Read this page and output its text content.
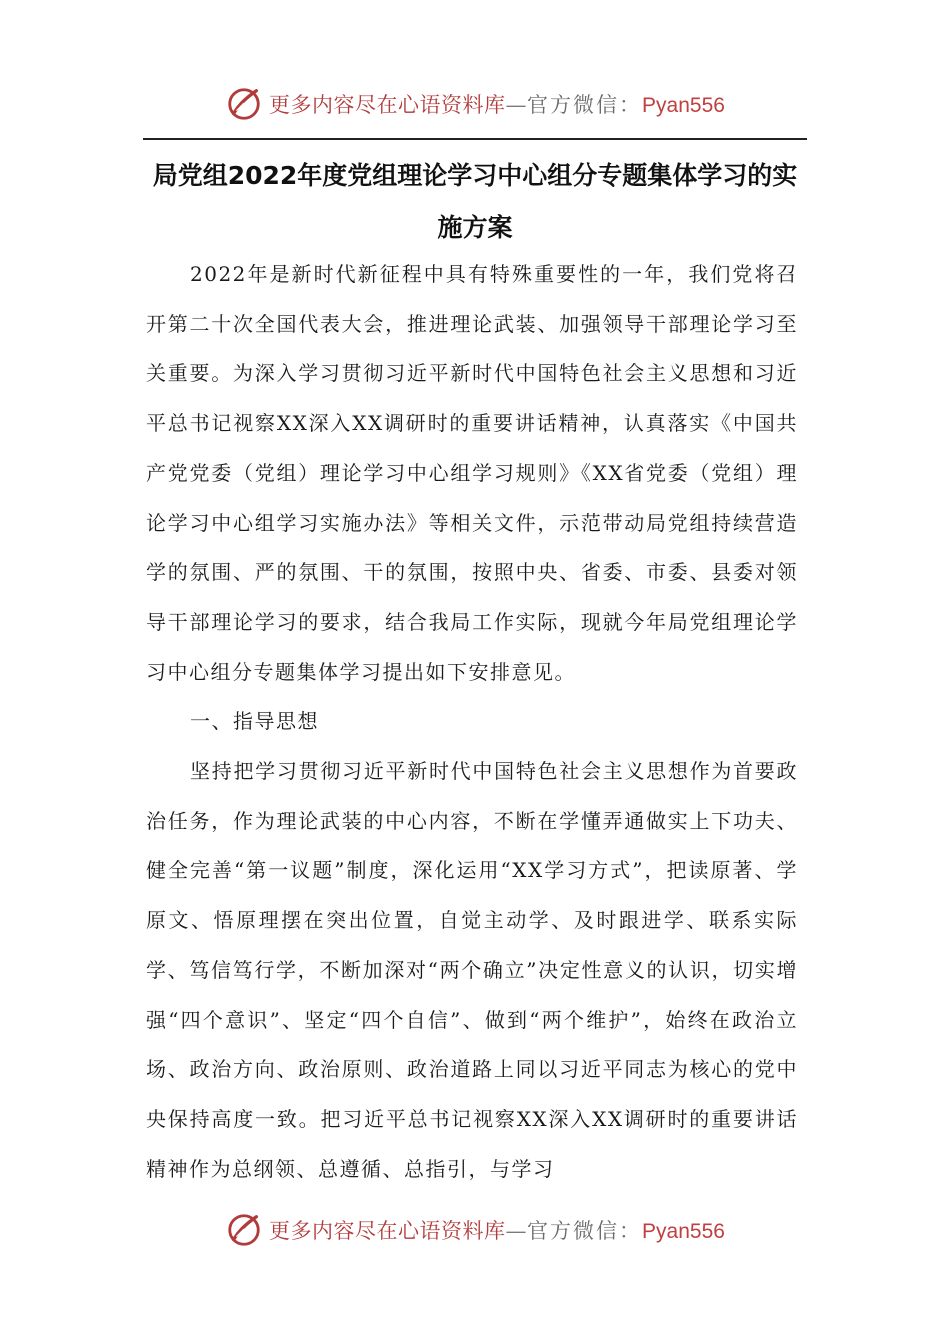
更多内容尽在心语资料库—官方微信：Pyan556
局党组2022年度党组理论学习中心组分专题集体学习的实施方案

2022年是新时代新征程中具有特殊重要性的一年，我们党将召开第二十次全国代表大会，推进理论武装、加强领导干部理论学习至关重要。为深入学习贯彻习近平新时代中国特色社会主义思想和习近平总书记视察XX深入XX调研时的重要讲话精神，认真落实《中国共产党党委（党组）理论学习中心组学习规则》《XX省党委（党组）理论学习中心组学习实施办法》等相关文件，示范带动局党组持续营造学的氛围、严的氛围、干的氛围，按照中央、省委、市委、县委对领导干部理论学习的要求，结合我局工作实际，现就今年局党组理论学习中心组分专题集体学习提出如下安排意见。

一、指导思想

坚持把学习贯彻习近平新时代中国特色社会主义思想作为首要政治任务，作为理论武装的中心内容，不断在学懂弄通做实上下功夫、健全完善“第一议题”制度，深化运用“XX学习方式”，把读原著、学原文、悟原理摆在突出位置，自觉主动学、及时跟进学、联系实际学、笃信笃行学，不断加深对“两个确立”决定性意义的认识，切实增强“四个意识”、坚定“四个自信”、做到“两个维护”，始终在政治立场、政治方向、政治原则、政治道路上同以习近平同志为核心的党中央保持高度一致。把习近平总书记视察XX深入XX调研时的重要讲话精神作为总纲领、总遵循、总指引，与学习

更多内容尽在心语资料库—官方微信：Pyan556
